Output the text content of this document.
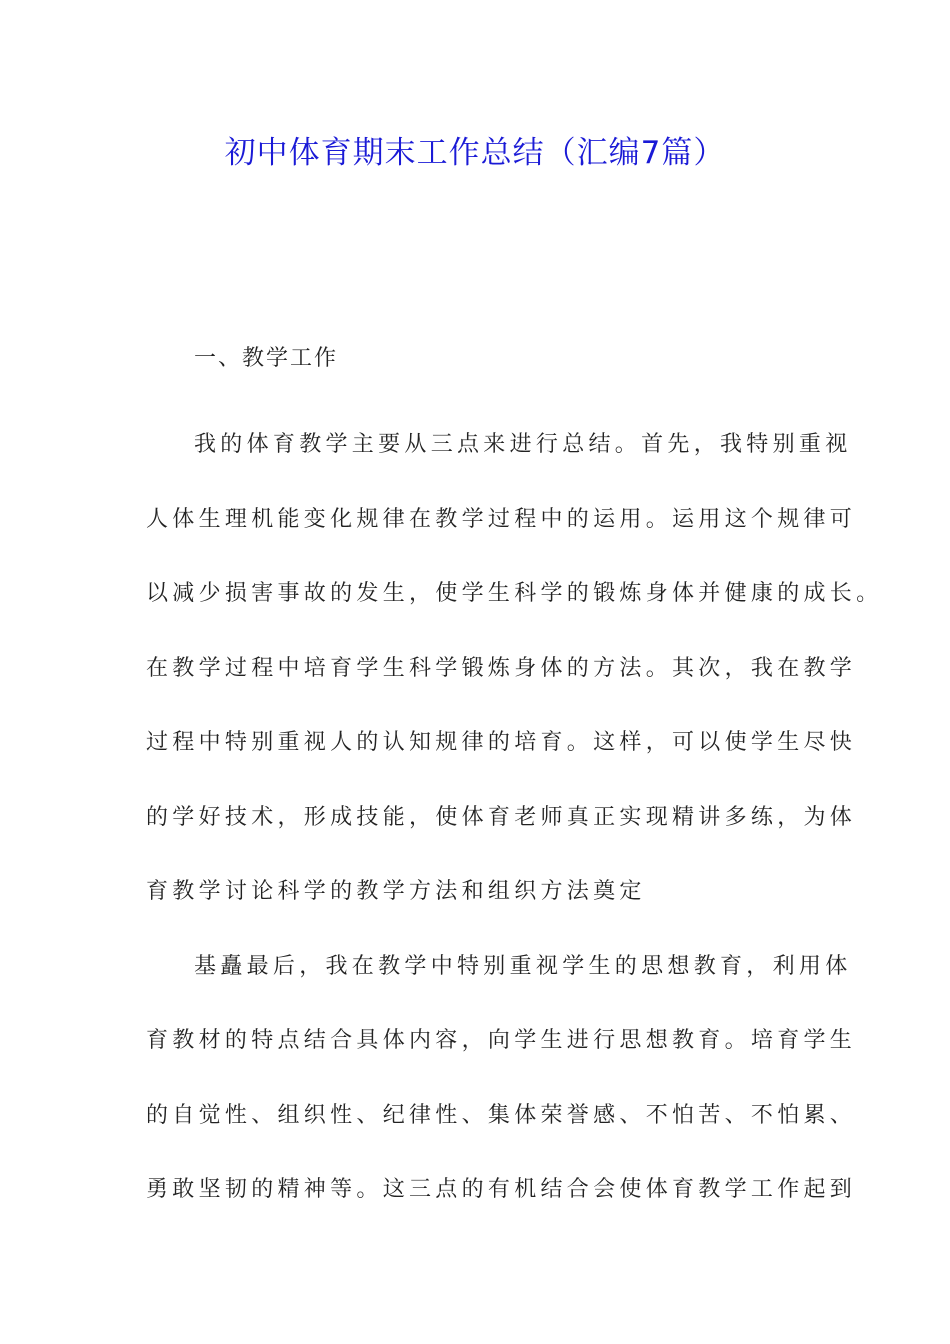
初中体育期末工作总结（汇编7篇）
一、教学工作
我的体育教学主要从三点来进行总结。首先，我特别重视
人体生理机能变化规律在教学过程中的运用。运用这个规律可
以减少损害事故的发生，使学生科学的锻炼身体并健康的成长。
在教学过程中培育学生科学锻炼身体的方法。其次，我在教学
过程中特别重视人的认知规律的培育。这样，可以使学生尽快
的学好技术，形成技能，使体育老师真正实现精讲多练，为体
育教学讨论科学的教学方法和组织方法奠定
基矗最后，我在教学中特别重视学生的思想教育，利用体
育教材的特点结合具体内容，向学生进行思想教育。培育学生
的自觉性、组织性、纪律性、集体荣誉感、不怕苦、不怕累、
勇敢坚韧的精神等。这三点的有机结合会使体育教学工作起到
